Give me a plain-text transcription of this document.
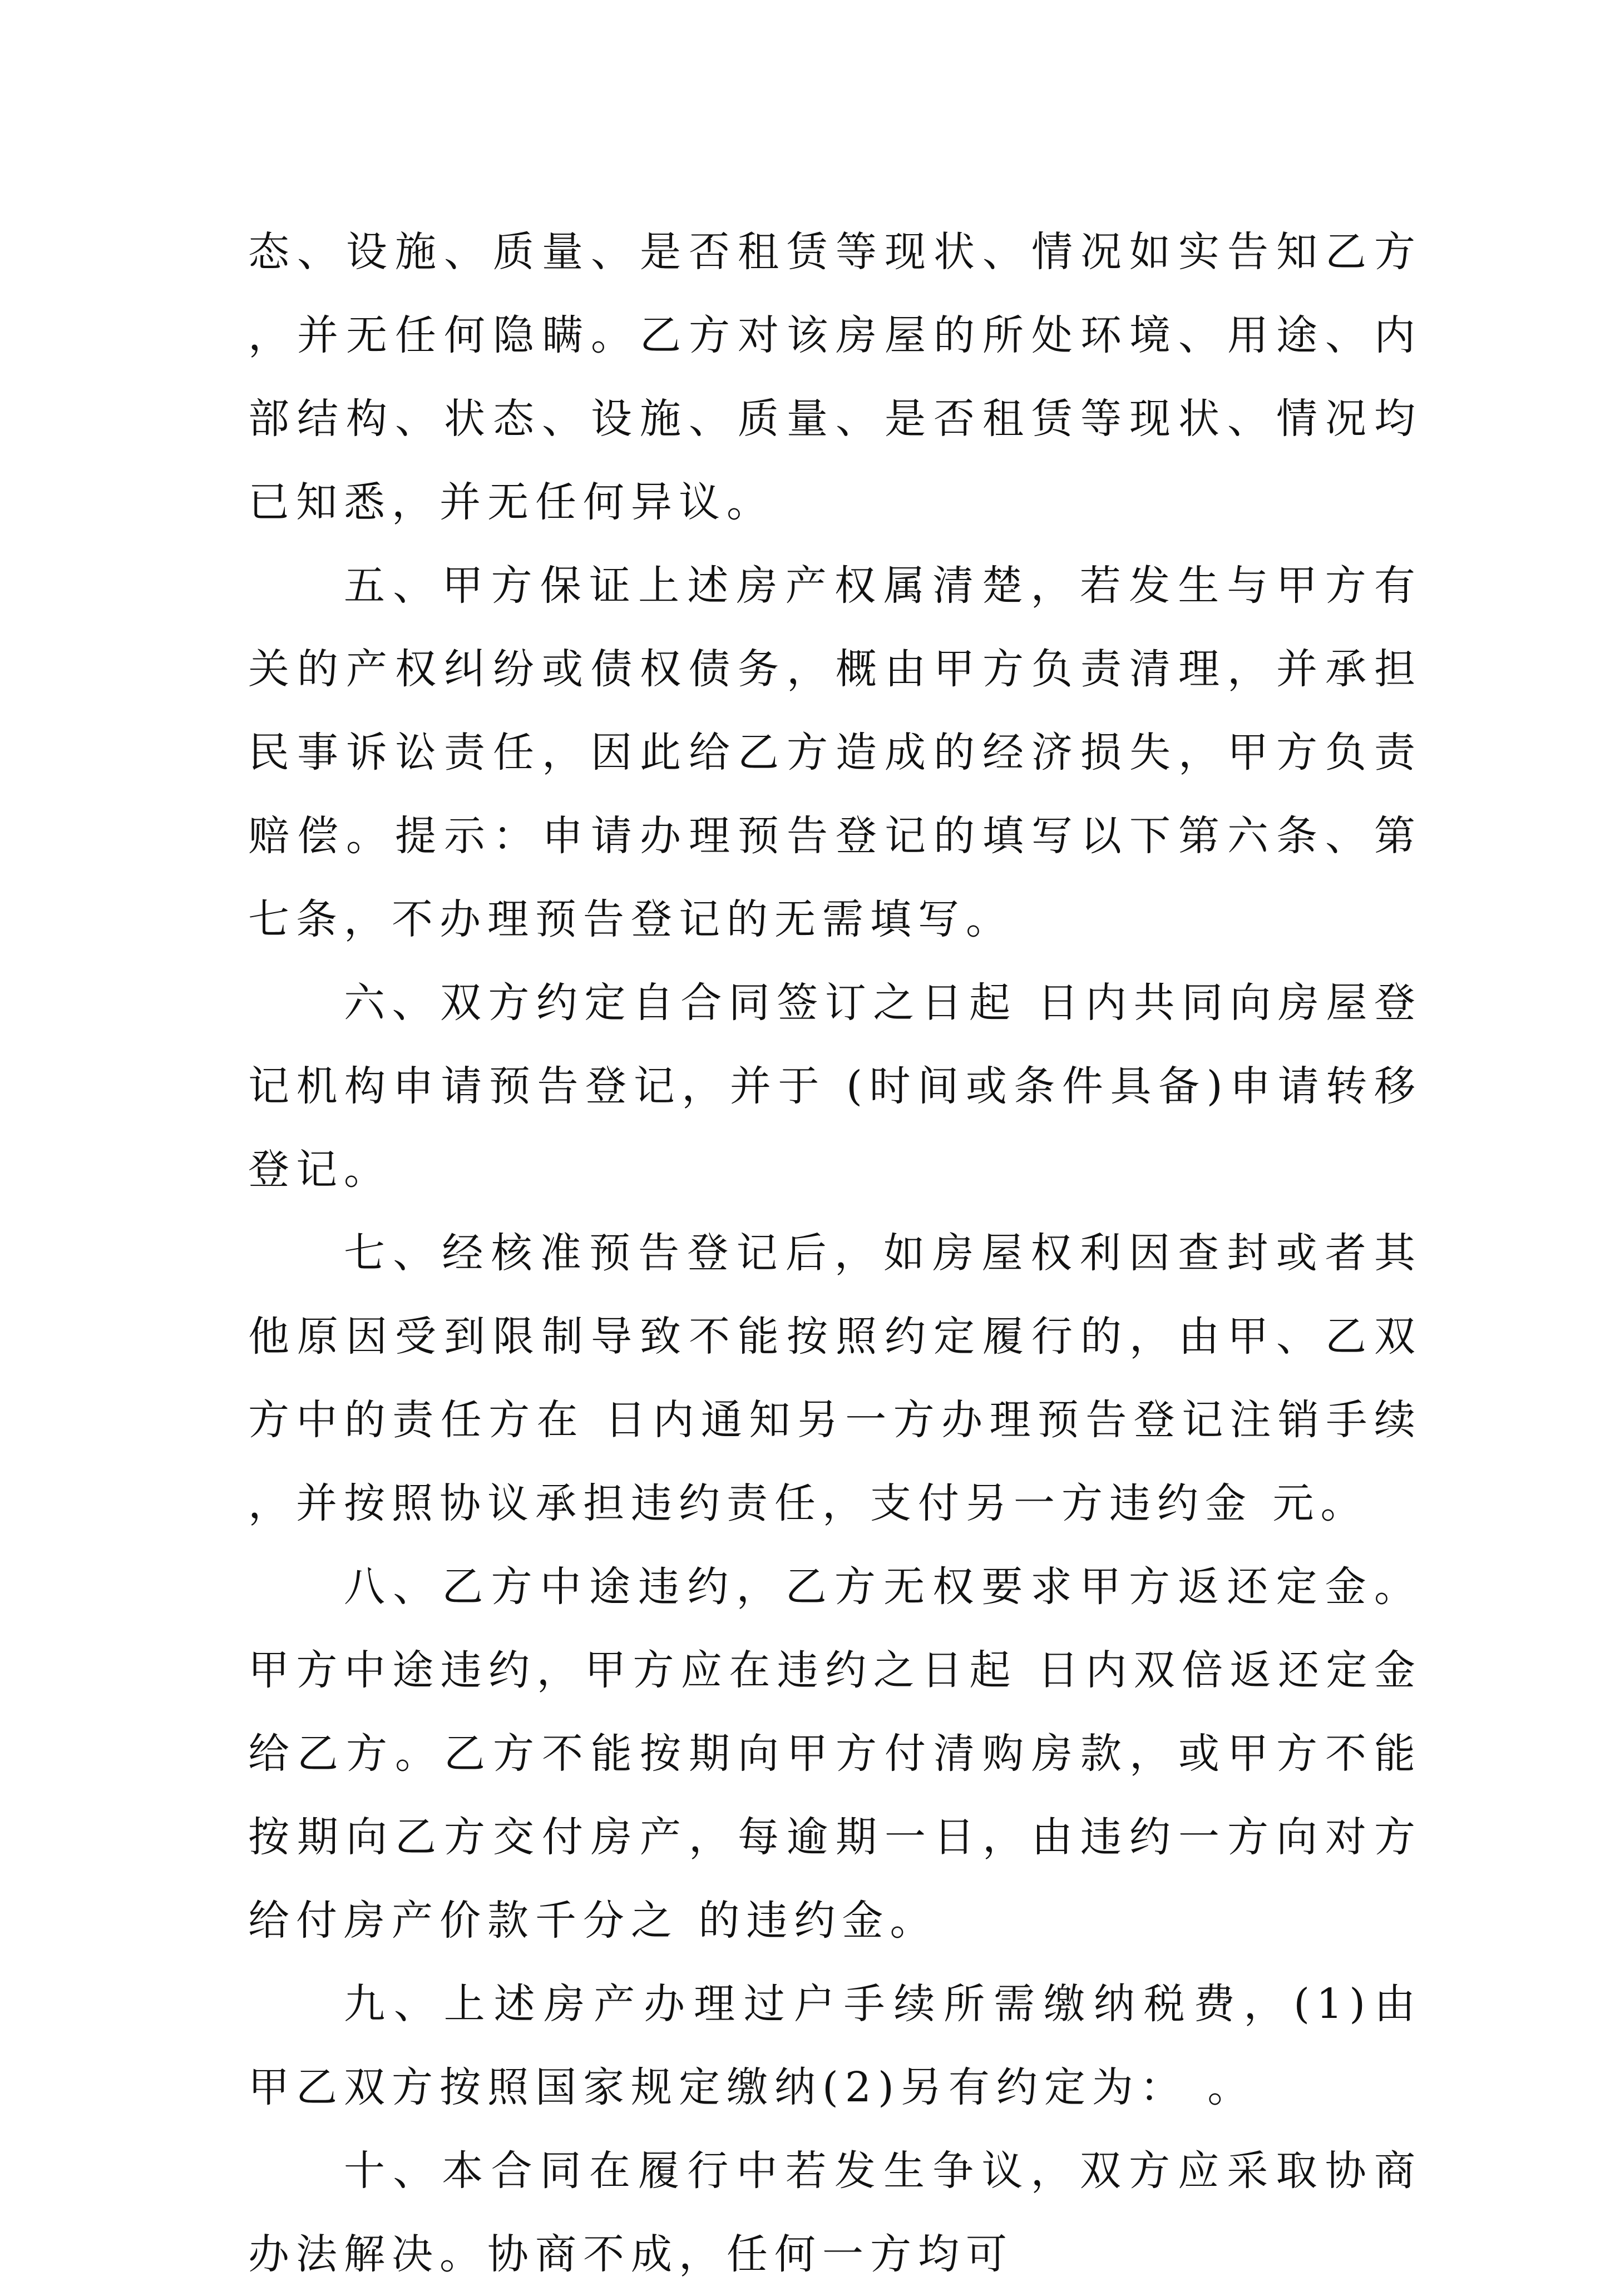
态、设施、质量、是否租赁等现状、情况如实告知乙方，并无任何隐瞒。乙方对该房屋的所处环境、用途、内部结构、状态、设施、质量、是否租赁等现状、情况均已知悉，并无任何异议。

五、甲方保证上述房产权属清楚，若发生与甲方有关的产权纠纷或债权债务，概由甲方负责清理，并承担民事诉讼责任，因此给乙方造成的经济损失，甲方负责赔偿。提示：申请办理预告登记的填写以下第六条、第七条，不办理预告登记的无需填写。

六、双方约定自合同签订之日起 日内共同向房屋登记机构申请预告登记，并于 (时间或条件具备)申请转移登记。

七、经核准预告登记后，如房屋权利因查封或者其他原因受到限制导致不能按照约定履行的，由甲、乙双方中的责任方在 日内通知另一方办理预告登记注销手续，并按照协议承担违约责任，支付另一方违约金 元。

八、乙方中途违约，乙方无权要求甲方返还定金。甲方中途违约，甲方应在违约之日起 日内双倍返还定金给乙方。乙方不能按期向甲方付清购房款，或甲方不能按期向乙方交付房产，每逾期一日，由违约一方向对方给付房产价款千分之 的违约金。

九、上述房产办理过户手续所需缴纳税费，(1)由甲乙双方按照国家规定缴纳(2)另有约定为： 。

十、本合同在履行中若发生争议，双方应采取协商办法解决。协商不成，任何一方均可
